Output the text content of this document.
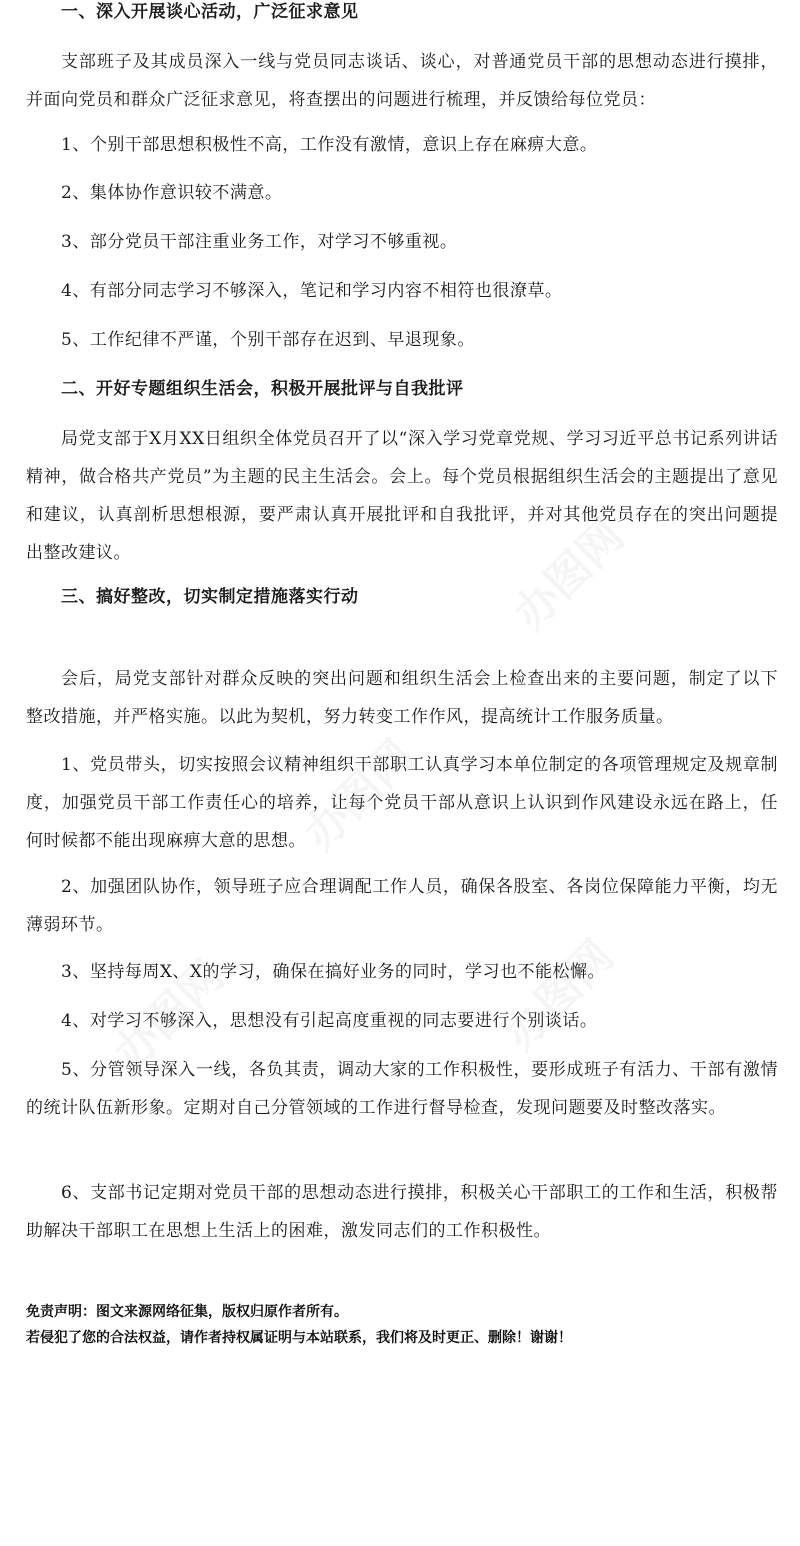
一、深入开展谈心活动，广泛征求意见

支部班子及其成员深入一线与党员同志谈话、谈心，对普通党员干部的思想动态进行摸排，并面向党员和群众广泛征求意见，将查摆出的问题进行梳理，并反馈给每位党员：

1、个别干部思想积极性不高，工作没有激情，意识上存在麻痹大意。

2、集体协作意识较不满意。

3、部分党员干部注重业务工作，对学习不够重视。

4、有部分同志学习不够深入，笔记和学习内容不相符也很潦草。

5、工作纪律不严谨，个别干部存在迟到、早退现象。

二、开好专题组织生活会，积极开展批评与自我批评

局党支部于X月XX日组织全体党员召开了以“深入学习党章党规、学习习近平总书记系列讲话精神，做合格共产党员”为主题的民主生活会。会上。每个党员根据组织生活会的主题提出了意见和建议，认真剖析思想根源，要严肃认真开展批评和自我批评，并对其他党员存在的突出问题提出整改建议。

三、搞好整改，切实制定措施落实行动

会后，局党支部针对群众反映的突出问题和组织生活会上检查出来的主要问题，制定了以下整改措施，并严格实施。以此为契机，努力转变工作作风，提高统计工作服务质量。

1、党员带头，切实按照会议精神组织干部职工认真学习本单位制定的各项管理规定及规章制度，加强党员干部工作责任心的培养，让每个党员干部从意识上认识到作风建设永远在路上，任何时候都不能出现麻痹大意的思想。

2、加强团队协作，领导班子应合理调配工作人员，确保各股室、各岗位保障能力平衡，均无薄弱环节。

3、坚持每周X、X的学习，确保在搞好业务的同时，学习也不能松懈。

4、对学习不够深入，思想没有引起高度重视的同志要进行个别谈话。

5、分管领导深入一线，各负其责，调动大家的工作积极性，要形成班子有活力、干部有激情的统计队伍新形象。定期对自己分管领域的工作进行督导检查，发现问题要及时整改落实。

6、支部书记定期对党员干部的思想动态进行摸排，积极关心干部职工的工作和生活，积极帮助解决干部职工在思想上生活上的困难，激发同志们的工作积极性。

免责声明：图文来源网络征集，版权归原作者所有。

若侵犯了您的合法权益，请作者持权属证明与本站联系，我们将及时更正、删除！谢谢！

办图网
办图网
办图网
办图网
